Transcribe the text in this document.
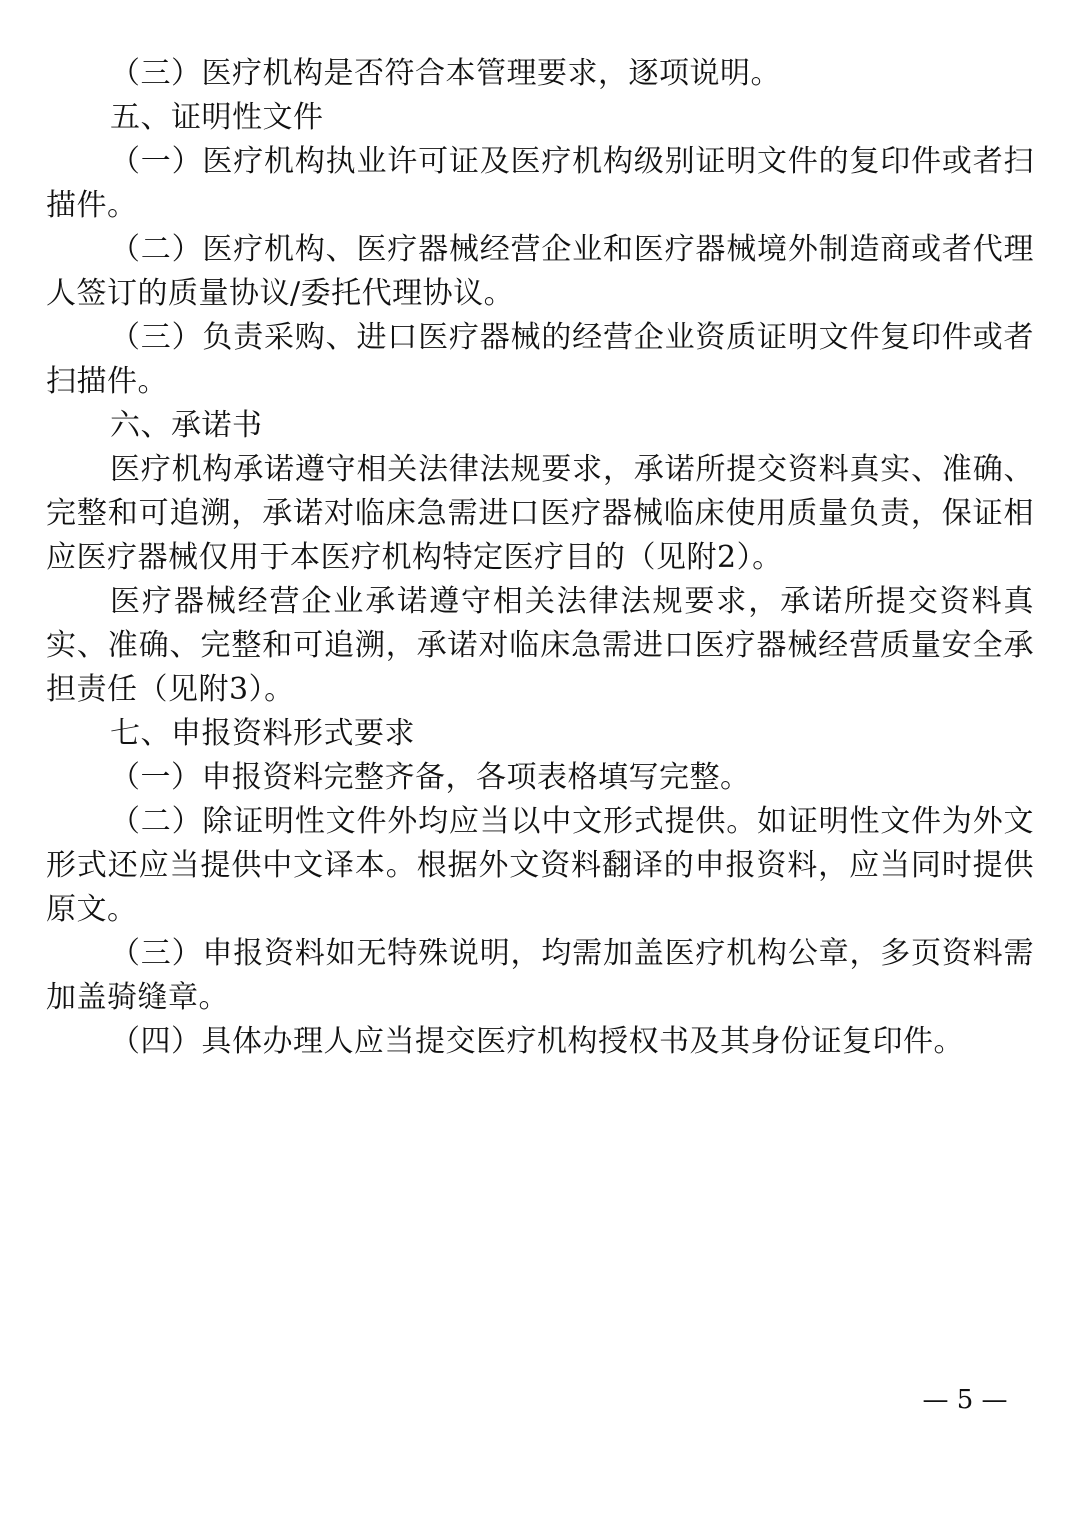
（三）医疗机构是否符合本管理要求，逐项说明。

五、证明性文件

（一）医疗机构执业许可证及医疗机构级别证明文件的复印件或者扫描件。

（二）医疗机构、医疗器械经营企业和医疗器械境外制造商或者代理人签订的质量协议/委托代理协议。

（三）负责采购、进口医疗器械的经营企业资质证明文件复印件或者扫描件。

六、承诺书

医疗机构承诺遵守相关法律法规要求，承诺所提交资料真实、准确、完整和可追溯，承诺对临床急需进口医疗器械临床使用质量负责，保证相应医疗器械仅用于本医疗机构特定医疗目的（见附2）。

医疗器械经营企业承诺遵守相关法律法规要求，承诺所提交资料真实、准确、完整和可追溯，承诺对临床急需进口医疗器械经营质量安全承担责任（见附3）。

七、申报资料形式要求

（一）申报资料完整齐备，各项表格填写完整。

（二）除证明性文件外均应当以中文形式提供。如证明性文件为外文形式还应当提供中文译本。根据外文资料翻译的申报资料，应当同时提供原文。

（三）申报资料如无特殊说明，均需加盖医疗机构公章，多页资料需加盖骑缝章。

（四）具体办理人应当提交医疗机构授权书及其身份证复印件。

— 5 —
